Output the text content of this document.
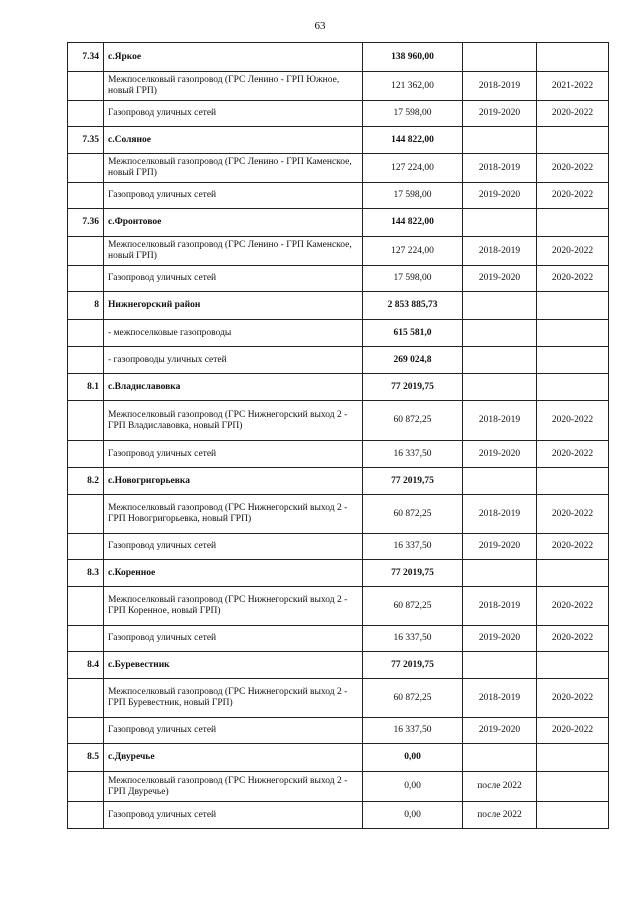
63
7.34	с.Яркое	138 960,00		
	Межпоселковый газопровод (ГРС Ленино - ГРП Южное, новый ГРП)	121 362,00	2018-2019	2021-2022
	Газопровод уличных сетей	17 598,00	2019-2020	2020-2022
7.35	с.Соляное	144 822,00		
	Межпоселковый газопровод (ГРС Ленино - ГРП Каменское, новый ГРП)	127 224,00	2018-2019	2020-2022
	Газопровод уличных сетей	17 598,00	2019-2020	2020-2022
7.36	с.Фронтовое	144 822,00		
	Межпоселковый газопровод (ГРС Ленино - ГРП Каменское, новый ГРП)	127 224,00	2018-2019	2020-2022
	Газопровод уличных сетей	17 598,00	2019-2020	2020-2022
8	Нижнегорский район	2 853 885,73		
	- межпоселковые газопроводы	615 581,0		
	- газопроводы уличных сетей	269 024,8		
8.1	с.Владиславовка	77 2019,75		
	Межпоселковый газопровод (ГРС Нижнегорский выход 2 - ГРП Владиславовка, новый ГРП)	60 872,25	2018-2019	2020-2022
	Газопровод уличных сетей	16 337,50	2019-2020	2020-2022
8.2	с.Новогригорьевка	77 2019,75		
	Межпоселковый газопровод (ГРС Нижнегорский выход 2 - ГРП Новогригорьевка, новый ГРП)	60 872,25	2018-2019	2020-2022
	Газопровод уличных сетей	16 337,50	2019-2020	2020-2022
8.3	с.Коренное	77 2019,75		
	Межпоселковый газопровод (ГРС Нижнегорский выход 2 - ГРП Коренное, новый ГРП)	60 872,25	2018-2019	2020-2022
	Газопровод уличных сетей	16 337,50	2019-2020	2020-2022
8.4	с.Буревестник	77 2019,75		
	Межпоселковый газопровод (ГРС Нижнегорский выход 2 - ГРП Буревестник, новый ГРП)	60 872,25	2018-2019	2020-2022
	Газопровод уличных сетей	16 337,50	2019-2020	2020-2022
8.5	с.Двуречье	0,00		
	Межпоселковый газопровод (ГРС Нижнегорский выход 2 - ГРП Двуречье)	0,00	после 2022	
	Газопровод уличных сетей	0,00	после 2022	
